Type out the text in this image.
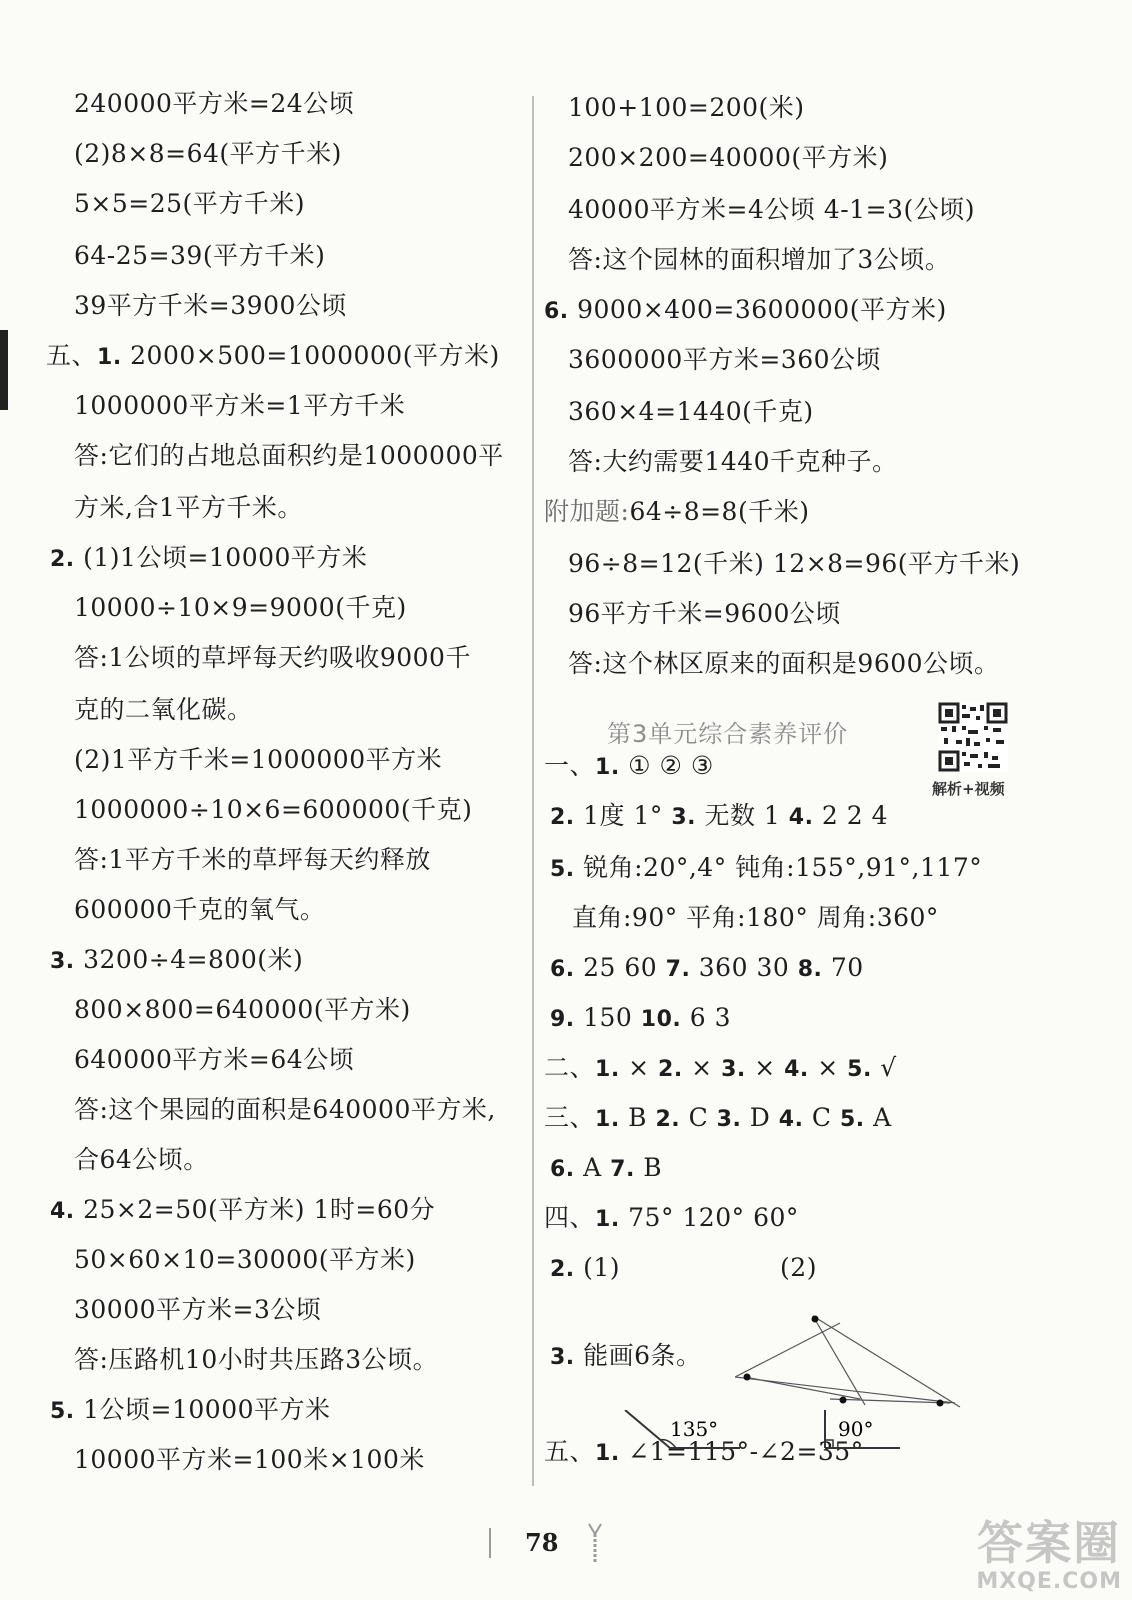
240000平方米=24公顷
(2)8×8=64(平方千米)
5×5=25(平方千米)
64-25=39(平方千米)
39平方千米=3900公顷
五、1. 2000×500=1000000(平方米)
1000000平方米=1平方千米
答:它们的占地总面积约是1000000平
方米,合1平方千米。
2. (1)1公顷=10000平方米
10000÷10×9=9000(千克)
答:1公顷的草坪每天约吸收9000千
克的二氧化碳。
(2)1平方千米=1000000平方米
1000000÷10×6=600000(千克)
答:1平方千米的草坪每天约释放
600000千克的氧气。
3. 3200÷4=800(米)
800×800=640000(平方米)
640000平方米=64公顷
答:这个果园的面积是640000平方米,
合64公顷。
4. 25×2=50(平方米) 1时=60分
50×60×10=30000(平方米)
30000平方米=3公顷
答:压路机10小时共压路3公顷。
5. 1公顷=10000平方米
10000平方米=100米×100米
100+100=200(米)
200×200=40000(平方米)
40000平方米=4公顷 4-1=3(公顷)
答:这个园林的面积增加了3公顷。
6. 9000×400=3600000(平方米)
3600000平方米=360公顷
360×4=1440(千克)
答:大约需要1440千克种子。
附加题:64÷8=8(千米)
96÷8=12(千米) 12×8=96(平方千米)
96平方千米=9600公顷
答:这个林区原来的面积是9600公顷。
一、1. ① ② ③
2. 1度 1° 3. 无数 1 4. 2 2 4
5. 锐角:20°,4° 钝角:155°,91°,117°
直角:90° 平角:180° 周角:360°
6. 25 60 7. 360 30 8. 70
9. 150 10. 6 3
二、1. × 2. × 3. × 4. × 5. √
三、1. B 2. C 3. D 4. C 5. A
6. A 7. B
四、1. 75° 120° 60°
2. (1)	(2)
3. 能画6条。
五、1. ∠1=115°-∠2=35°
第3单元综合素养评价
解析+视频
135°	90°
78	答案圈
MXQE.COM
